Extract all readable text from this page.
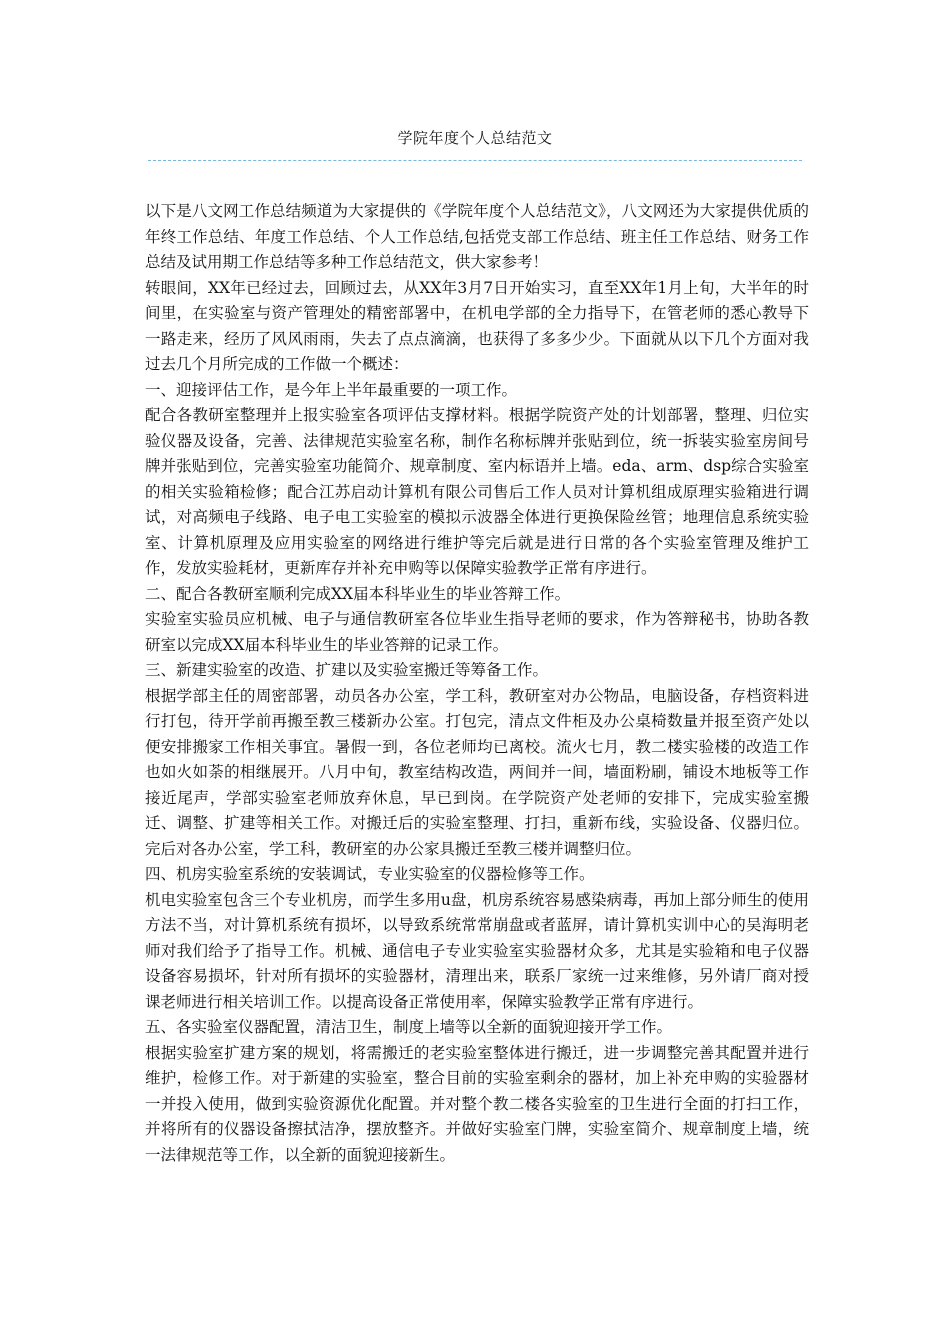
学院年度个人总结范文

以下是八文网工作总结频道为大家提供的《学院年度个人总结范文》，八文网还为大家提供优质的年终工作总结、年度工作总结、个人工作总结,包括党支部工作总结、班主任工作总结、财务工作总结及试用期工作总结等多种工作总结范文，供大家参考！

转眼间，XX年已经过去，回顾过去，从XX年3月7日开始实习，直至XX年1月上旬，大半年的时间里，在实验室与资产管理处的精密部署中，在机电学部的全力指导下，在管老师的悉心教导下一路走来，经历了风风雨雨，失去了点点滴滴，也获得了多多少少。下面就从以下几个方面对我过去几个月所完成的工作做一个概述：

一、迎接评估工作，是今年上半年最重要的一项工作。

配合各教研室整理并上报实验室各项评估支撑材料。根据学院资产处的计划部署，整理、归位实验仪器及设备，完善、法律规范实验室名称，制作名称标牌并张贴到位，统一拆装实验室房间号牌并张贴到位，完善实验室功能简介、规章制度、室内标语并上墙。eda、arm、dsp综合实验室的相关实验箱检修；配合江苏启动计算机有限公司售后工作人员对计算机组成原理实验箱进行调试，对高频电子线路、电子电工实验室的模拟示波器全体进行更换保险丝管；地理信息系统实验室、计算机原理及应用实验室的网络进行维护等完后就是进行日常的各个实验室管理及维护工作，发放实验耗材，更新库存并补充申购等以保障实验教学正常有序进行。

二、配合各教研室顺利完成XX届本科毕业生的毕业答辩工作。

实验室实验员应机械、电子与通信教研室各位毕业生指导老师的要求，作为答辩秘书，协助各教研室以完成XX届本科毕业生的毕业答辩的记录工作。

三、新建实验室的改造、扩建以及实验室搬迁等筹备工作。

根据学部主任的周密部署，动员各办公室，学工科，教研室对办公物品，电脑设备，存档资料进行打包，待开学前再搬至教三楼新办公室。打包完，清点文件柜及办公桌椅数量并报至资产处以便安排搬家工作相关事宜。暑假一到，各位老师均已离校。流火七月，教二楼实验楼的改造工作也如火如荼的相继展开。八月中旬，教室结构改造，两间并一间，墙面粉刷，铺设木地板等工作接近尾声，学部实验室老师放弃休息，早已到岗。在学院资产处老师的安排下，完成实验室搬迁、调整、扩建等相关工作。对搬迁后的实验室整理、打扫，重新布线，实验设备、仪器归位。完后对各办公室，学工科，教研室的办公家具搬迁至教三楼并调整归位。

四、机房实验室系统的安装调试，专业实验室的仪器检修等工作。

机电实验室包含三个专业机房，而学生多用u盘，机房系统容易感染病毒，再加上部分师生的使用方法不当，对计算机系统有损坏，以导致系统常常崩盘或者蓝屏，请计算机实训中心的吴海明老师对我们给予了指导工作。机械、通信电子专业实验室实验器材众多，尤其是实验箱和电子仪器设备容易损坏，针对所有损坏的实验器材，清理出来，联系厂家统一过来维修，另外请厂商对授课老师进行相关培训工作。以提高设备正常使用率，保障实验教学正常有序进行。

五、各实验室仪器配置，清洁卫生，制度上墙等以全新的面貌迎接开学工作。

根据实验室扩建方案的规划，将需搬迁的老实验室整体进行搬迁，进一步调整完善其配置并进行维护，检修工作。对于新建的实验室，整合目前的实验室剩余的器材，加上补充申购的实验器材一并投入使用，做到实验资源优化配置。并对整个教二楼各实验室的卫生进行全面的打扫工作，并将所有的仪器设备擦拭洁净，摆放整齐。并做好实验室门牌，实验室简介、规章制度上墙，统一法律规范等工作，以全新的面貌迎接新生。
